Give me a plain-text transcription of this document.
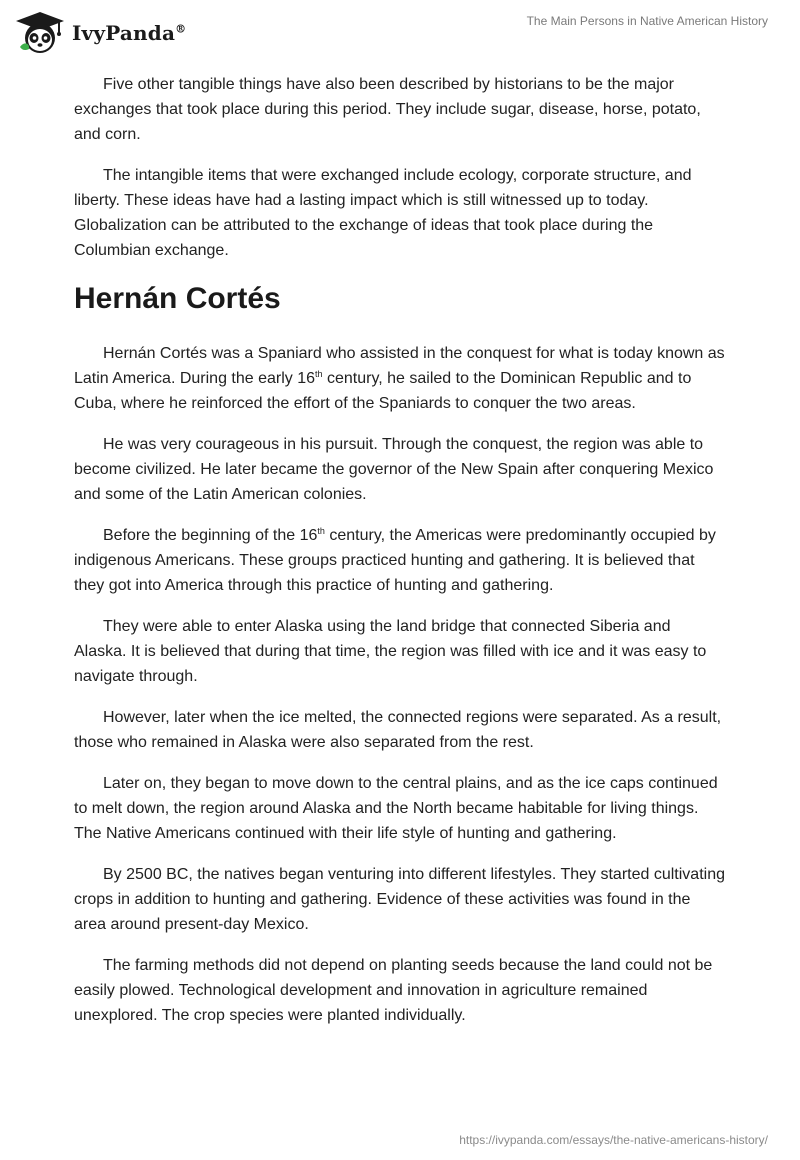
IvyPanda®
The Main Persons in Native American History

Five other tangible things have also been described by historians to be the major exchanges that took place during this period. They include sugar, disease, horse, potato, and corn.

The intangible items that were exchanged include ecology, corporate structure, and liberty. These ideas have had a lasting impact which is still witnessed up to today. Globalization can be attributed to the exchange of ideas that took place during the Columbian exchange.

Hernán Cortés

Hernán Cortés was a Spaniard who assisted in the conquest for what is today known as Latin America. During the early 16th century, he sailed to the Dominican Republic and to Cuba, where he reinforced the effort of the Spaniards to conquer the two areas.

He was very courageous in his pursuit. Through the conquest, the region was able to become civilized. He later became the governor of the New Spain after conquering Mexico and some of the Latin American colonies.

Before the beginning of the 16th century, the Americas were predominantly occupied by indigenous Americans. These groups practiced hunting and gathering. It is believed that they got into America through this practice of hunting and gathering.

They were able to enter Alaska using the land bridge that connected Siberia and Alaska. It is believed that during that time, the region was filled with ice and it was easy to navigate through.

However, later when the ice melted, the connected regions were separated. As a result, those who remained in Alaska were also separated from the rest.

Later on, they began to move down to the central plains, and as the ice caps continued to melt down, the region around Alaska and the North became habitable for living things. The Native Americans continued with their life style of hunting and gathering.

By 2500 BC, the natives began venturing into different lifestyles. They started cultivating crops in addition to hunting and gathering. Evidence of these activities was found in the area around present-day Mexico.

The farming methods did not depend on planting seeds because the land could not be easily plowed. Technological development and innovation in agriculture remained unexplored. The crop species were planted individually.

https://ivypanda.com/essays/the-native-americans-history/
